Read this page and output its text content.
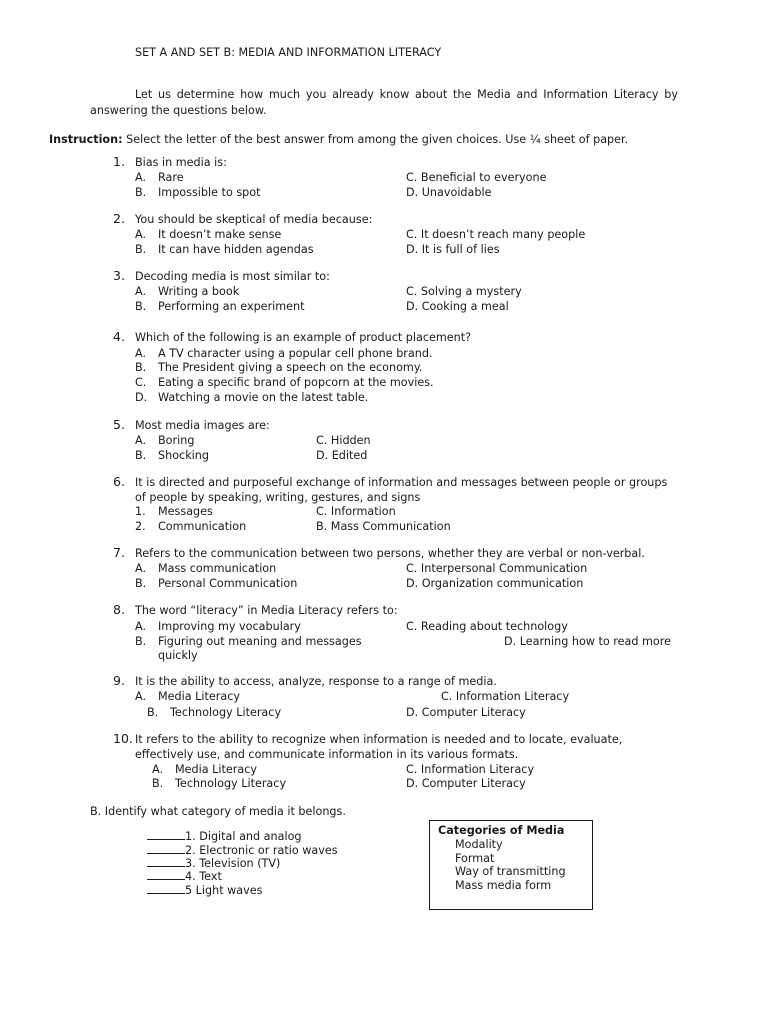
SET A AND SET B: MEDIA AND INFORMATION LITERACY
Let us determine how much you already know about the Media and Information Literacy by
answering the questions below.
Instruction: Select the letter of the best answer from among the given choices. Use ¼ sheet of paper.
1. Bias in media is:
A. Rare	C. Beneficial to everyone
B. Impossible to spot	D. Unavoidable
2. You should be skeptical of media because:
A. It doesn’t make sense	C. It doesn’t reach many people
B. It can have hidden agendas	D. It is full of lies
3. Decoding media is most similar to:
A. Writing a book	C. Solving a mystery
B. Performing an experiment	D. Cooking a meal
4. Which of the following is an example of product placement?
A. A TV character using a popular cell phone brand.
B. The President giving a speech on the economy.
C. Eating a specific brand of popcorn at the movies.
D. Watching a movie on the latest table.
5. Most media images are:
A. Boring	C. Hidden
B. Shocking	D. Edited
6. It is directed and purposeful exchange of information and messages between people or groups
of people by speaking, writing, gestures, and signs
1. Messages	C. Information
2. Communication	B. Mass Communication
7. Refers to the communication between two persons, whether they are verbal or non-verbal.
A. Mass communication	C. Interpersonal Communication
B. Personal Communication	D. Organization communication
8. The word “literacy” in Media Literacy refers to:
A. Improving my vocabulary	C. Reading about technology
B. Figuring out meaning and messages	D. Learning how to read more
quickly
9. It is the ability to access, analyze, response to a range of media.
A. Media Literacy	C. Information Literacy
B. Technology Literacy	D. Computer Literacy
10. It refers to the ability to recognize when information is needed and to locate, evaluate,
effectively use, and communicate information in its various formats.
A. Media Literacy	C. Information Literacy
B. Technology Literacy	D. Computer Literacy
B. Identify what category of media it belongs.
1. Digital and analog
2. Electronic or ratio waves
3. Television (TV)
4. Text
5 Light waves
Categories of Media
Modality
Format
Way of transmitting
Mass media form
